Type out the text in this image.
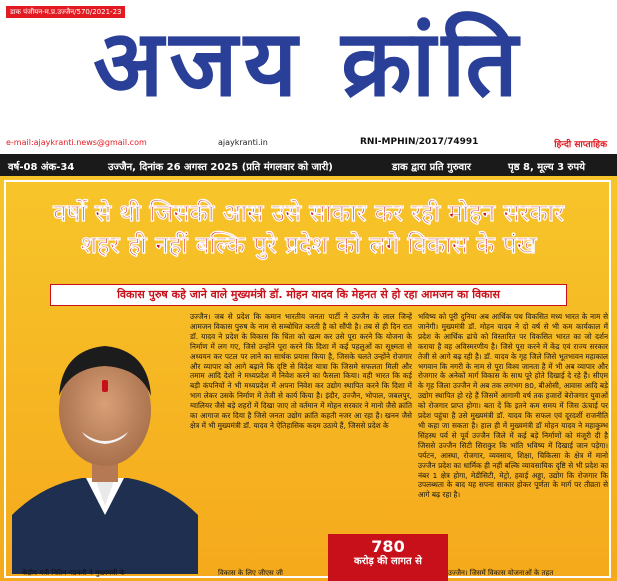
डाक पंजीयन-म.प्र.उज्जैन/570/2021-23
अजय क्रांति
e-mail:ajaykranti.news@gmail.com	ajaykranti.in	RNI-MPHIN/2017/74991	हिन्दी साप्ताहिक
वर्ष-08 अंक-34	उज्जैन, दिनांक 26 अगस्त 2025 (प्रति मंगलवार को जारी)	डाक द्वारा प्रति गुरुवार	पृष्ठ 8, मूल्य 3 रुपये
वर्षो से थी जिसकी आस उसे साकार कर रही मोहन सरकार
शहर ही नहीं बल्कि पुरे प्रदेश को लगे विकास के पंख
विकास पुरुष कहे जाने वाले मुख्यमंत्री डॉ. मोहन यादव कि मेहनत से हो रहा आमजन का विकास
उज्जैन। जब से प्रदेश कि कमान भारतीय जनता पार्टी ने उज्जैन के लाल जिन्हें आमजन विकास पुरुष के नाम से सम्बोधित करती है को सौंपी है। तब से ही दिन रात डॉ. यादव ने प्रदेश के विकास कि चिंता को खत्म कर उसे पूरा करने कि योजना के निर्माण में लग गए, जिसे उन्होंने पूरा करने कि दिशा में कई पहलुओं का सूक्ष्मता से अध्ययन कर पटल पर लाने का सार्थक प्रयास किया है, जिसके चलते उन्होंने रोजगार और व्यापार को आगे बढ़ाने कि दृष्टि से विदेश यात्रा कि जिसमे सफलता मिली और तमाम आदि देशो ने मध्यप्रदेश में निवेश करने का फैसला किया। वही भारत कि कई बड़ी कंपनियों ने भी मध्यप्रदेश में अपना निवेश कर उद्योग स्थापित करने कि दिशा में भाग लेकर उसके निर्माण में तेजी से कार्य किया है। इंदौर, उज्जैन, भोपाल, जबलपुर, ग्वालियर जैसे बड़े शहरों में दिखा जाए तो वर्तमान में मोहन सरकार ने मानो जैसे क्रांति का आगाज कर दिया है जिसे जनता उद्योग क्रांति कहती नजर आ रहा है। खनन जैसे क्षेत्र में भी मुख्यमंत्री डॉ. यादव ने ऐतिहासिक कदम उठाये हैं, जिससे प्रदेश के
भविष्य को पूरी दुनिया अब आर्थिक पथ विकसित मध्य भारत के नाम से जानेगी। मुख्यमंत्री डॉ. मोहन यादव ने दो वर्ष से भी कम कार्यकाल में प्रदेश के आर्थिक ढांचे को विस्तारित पर विकसित भारत का जो दर्शन कराया है वह अविस्मरणीय है। जिसे पूरा करने में केंद्र एवं राज्य सरकार तेजी से आगे बढ़ रही है। डॉ. यादव के गृह जिले जिसे भूतभावन महाकाल भगवान कि नगरी के नाम से पूरा विश्व जानता है में भी अब व्यापार और रोजगार के अनेकों मार्ग विकास के साथ पूरे होते दिखाई दे रहे हैं। सीएम के गृह जिला उज्जैन में अब तक लगभग 80, बीओसी, आवास आदि बड़े उद्योग स्थापित हो रहे हैं जिसमें आगामी वर्ष तक हजारों बेरोजगार युवाओं को रोजगार प्राप्त होगा। बता दें कि इतने कम समय में जिस ऊंचाई पर प्रदेश पहुंचा है उसे मुख्यमंत्री डॉ. यादव कि सफल एवं दूरदर्शी राजनीति भी कहा जा सकता है। हाल ही में मुख्यमंत्री डॉ मोहन यादव ने महाकुम्भ सिंहस्थ पर्व से पूर्व उज्जैन जिले में कई बड़े निर्माणों को मंजूरी दी है जिससे उज्जैन सिटी सिराकुर कि भांति भविष्य में दिखाई जान पड़ेगा। पर्यटन, आस्था, रोजगार, व्यवसाय, शिक्षा, चिकित्सा के क्षेत्र में मानो उज्जैन प्रदेश का धार्मिक ही नहीं बल्कि व्यावसायिक दृष्टि से भी प्रदेश का नंबर 1 क्षेत्र होगा, मेडीसिटी, मेट्रो, हवाई अड्डा, उद्योग कि रोजगार कि उपलब्धता के बाद यह सपना साकार होकर पूर्णता के मार्ग पर तीव्रता से आगे बढ़ रहा है।
780
करोड़ की लागत से
केंद्रीय मंत्री नितिन गडकरी ने मुख्यमंत्री के	विकास के लिए जीएस जी	उज्जैन। जिसमें विकास योजनाओं के तहत
